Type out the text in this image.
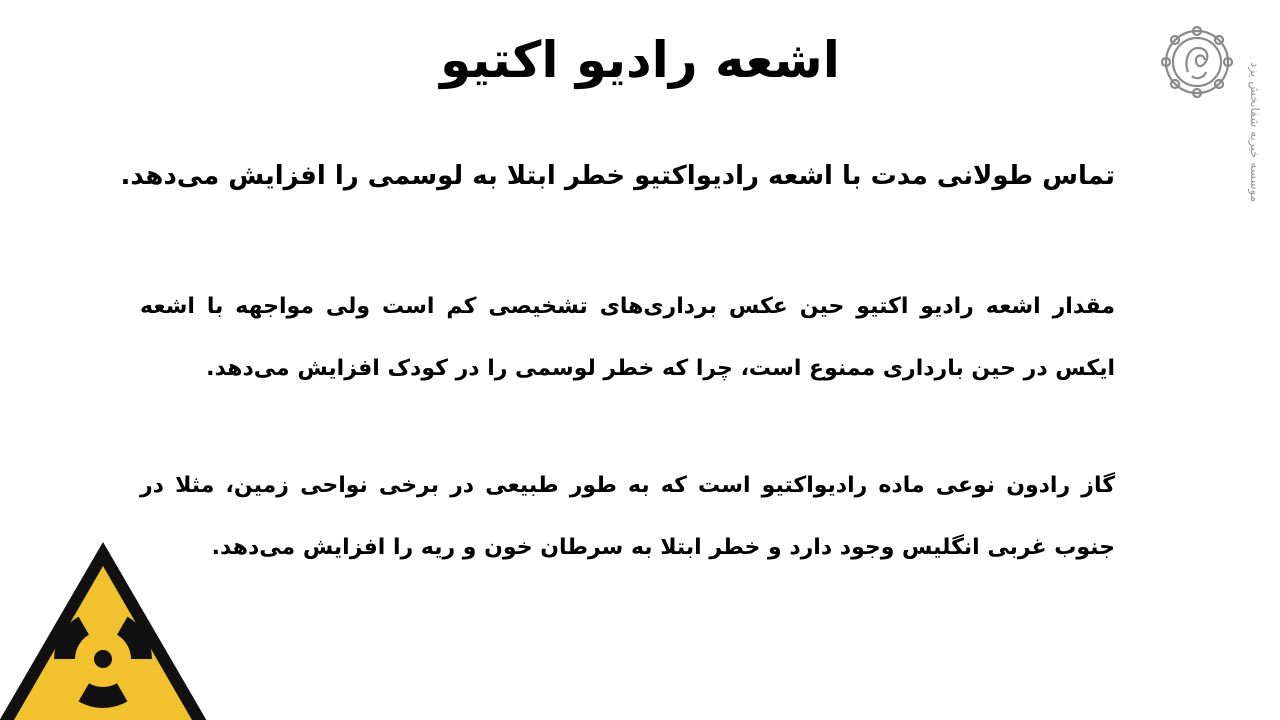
اشعه رادیو اکتیو
تماس طولانی مدت با اشعه رادیواکتیو خطر ابتلا به لوسمی را افزایش می‌دهد.
مقدار اشعه رادیو اکتیو حین عکس برداری‌های تشخیصی کم است ولی مواجهه با اشعه ایکس در حین بارداری ممنوع است، چرا که خطر لوسمی را در کودک افزایش می‌دهد.
گاز رادون نوعی ماده رادیواکتیو است که به طور طبیعی در برخی نواحی زمین، مثلا در جنوب غربی انگلیس وجود دارد و خطر ابتلا به سرطان خون و ریه را افزایش می‌دهد.
موسسه خیریه شفابخش یزد
